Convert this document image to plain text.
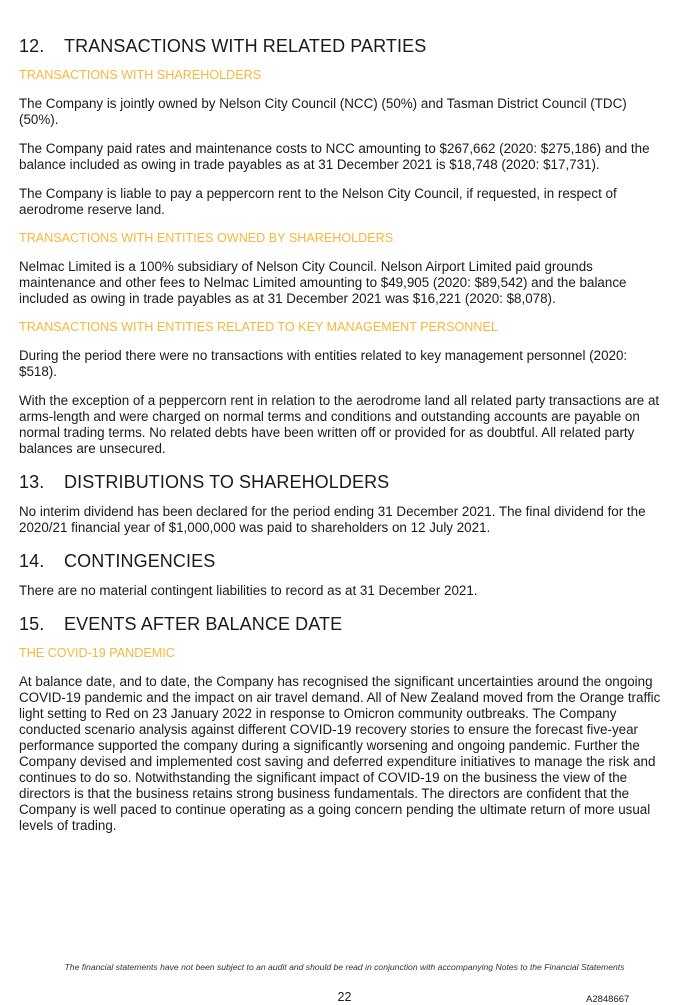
12. TRANSACTIONS WITH RELATED PARTIES
TRANSACTIONS WITH SHAREHOLDERS

The Company is jointly owned by Nelson City Council (NCC) (50%) and Tasman District Council (TDC) (50%).

The Company paid rates and maintenance costs to NCC amounting to $267,662 (2020: $275,186) and the balance included as owing in trade payables as at 31 December 2021 is $18,748 (2020: $17,731).

The Company is liable to pay a peppercorn rent to the Nelson City Council, if requested, in respect of aerodrome reserve land.

TRANSACTIONS WITH ENTITIES OWNED BY SHAREHOLDERS

Nelmac Limited is a 100% subsidiary of Nelson City Council. Nelson Airport Limited paid grounds maintenance and other fees to Nelmac Limited amounting to $49,905 (2020: $89,542) and the balance included as owing in trade payables as at 31 December 2021 was $16,221 (2020: $8,078).

TRANSACTIONS WITH ENTITIES RELATED TO KEY MANAGEMENT PERSONNEL

During the period there were no transactions with entities related to key management personnel (2020: $518).

With the exception of a peppercorn rent in relation to the aerodrome land all related party transactions are at arms-length and were charged on normal terms and conditions and outstanding accounts are payable on normal trading terms. No related debts have been written off or provided for as doubtful. All related party balances are unsecured.

13. DISTRIBUTIONS TO SHAREHOLDERS

No interim dividend has been declared for the period ending 31 December 2021. The final dividend for the 2020/21 financial year of $1,000,000 was paid to shareholders on 12 July 2021.

14. CONTINGENCIES

There are no material contingent liabilities to record as at 31 December 2021.

15. EVENTS AFTER BALANCE DATE
THE COVID-19 PANDEMIC

At balance date, and to date, the Company has recognised the significant uncertainties around the ongoing COVID-19 pandemic and the impact on air travel demand. All of New Zealand moved from the Orange traffic light setting to Red on 23 January 2022 in response to Omicron community outbreaks. The Company conducted scenario analysis against different COVID-19 recovery stories to ensure the forecast five-year performance supported the company during a significantly worsening and ongoing pandemic. Further the Company devised and implemented cost saving and deferred expenditure initiatives to manage the risk and continues to do so. Notwithstanding the significant impact of COVID-19 on the business the view of the directors is that the business retains strong business fundamentals. The directors are confident that the Company is well paced to continue operating as a going concern pending the ultimate return of more usual levels of trading.

The financial statements have not been subject to an audit and should be read in conjunction with accompanying Notes to the Financial Statements
22	A2848667
